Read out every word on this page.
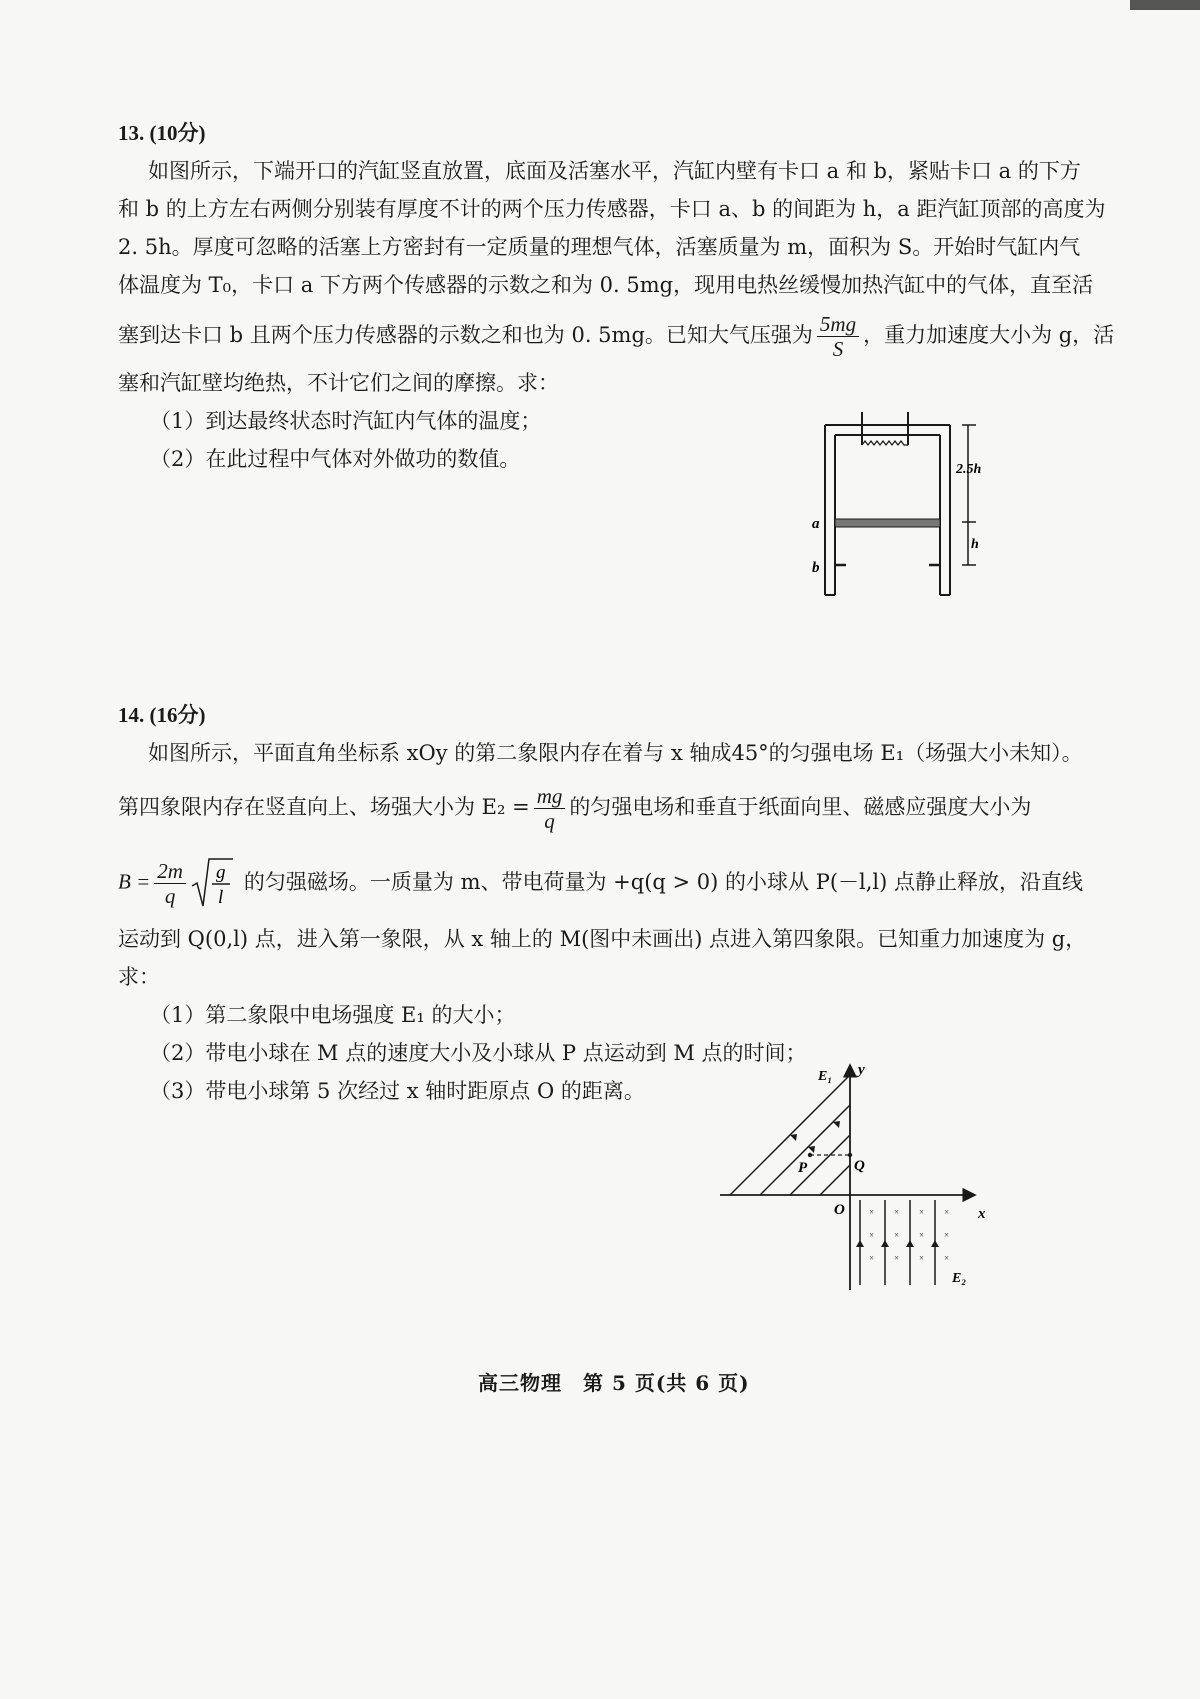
13. (10分)
如图所示，下端开口的汽缸竖直放置，底面及活塞水平，汽缸内壁有卡口 a 和 b，紧贴卡口 a 的下方
和 b 的上方左右两侧分别装有厚度不计的两个压力传感器，卡口 a、b 的间距为 h，a 距汽缸顶部的高度为
2. 5h。厚度可忽略的活塞上方密封有一定质量的理想气体，活塞质量为 m，面积为 S。开始时气缸内气
体温度为 T₀，卡口 a 下方两个传感器的示数之和为 0. 5mg，现用电热丝缓慢加热汽缸中的气体，直至活
塞到达卡口 b 且两个压力传感器的示数之和也为 0. 5mg。已知大气压强为 $\frac{5mg}{S}$ ，重力加速度大小为 g，活
塞和汽缸壁均绝热，不计它们之间的摩擦。求：
（1）到达最终状态时汽缸内气体的温度；
（2）在此过程中气体对外做功的数值。	2.5h
h
a
b
14. (16分)
如图所示，平面直角坐标系 xOy 的第二象限内存在着与 x 轴成45°的匀强电场 E₁（场强大小未知）。
第四象限内存在竖直向上、场强大小为 $E_2 = \frac{mg}{q}$ 的匀强电场和垂直于纸面向里、磁感应强度大小为
$B = \frac{2m}{q}$ g
l
的匀强磁场。一质量为 m、带电荷量为 +q(q > 0) 的小球从 P(－l,l) 点静止释放，沿直线
运动到 Q(0,l) 点，进入第一象限，从 x 轴上的 M(图中未画出) 点进入第四象限。已知重力加速度为 g，
求：
（1）第二象限中电场强度 E₁ 的大小；
（2）带电小球在 M 点的速度大小及小球从 P 点运动到 M 点的时间；
（3）带电小球第 5 次经过 x 轴时距原点 O 的距离。
× × × ×
× × × ×
× × × ×
y
x
O
P	Q
E₁
E₂
高三物理　第 5 页(共 6 页)
